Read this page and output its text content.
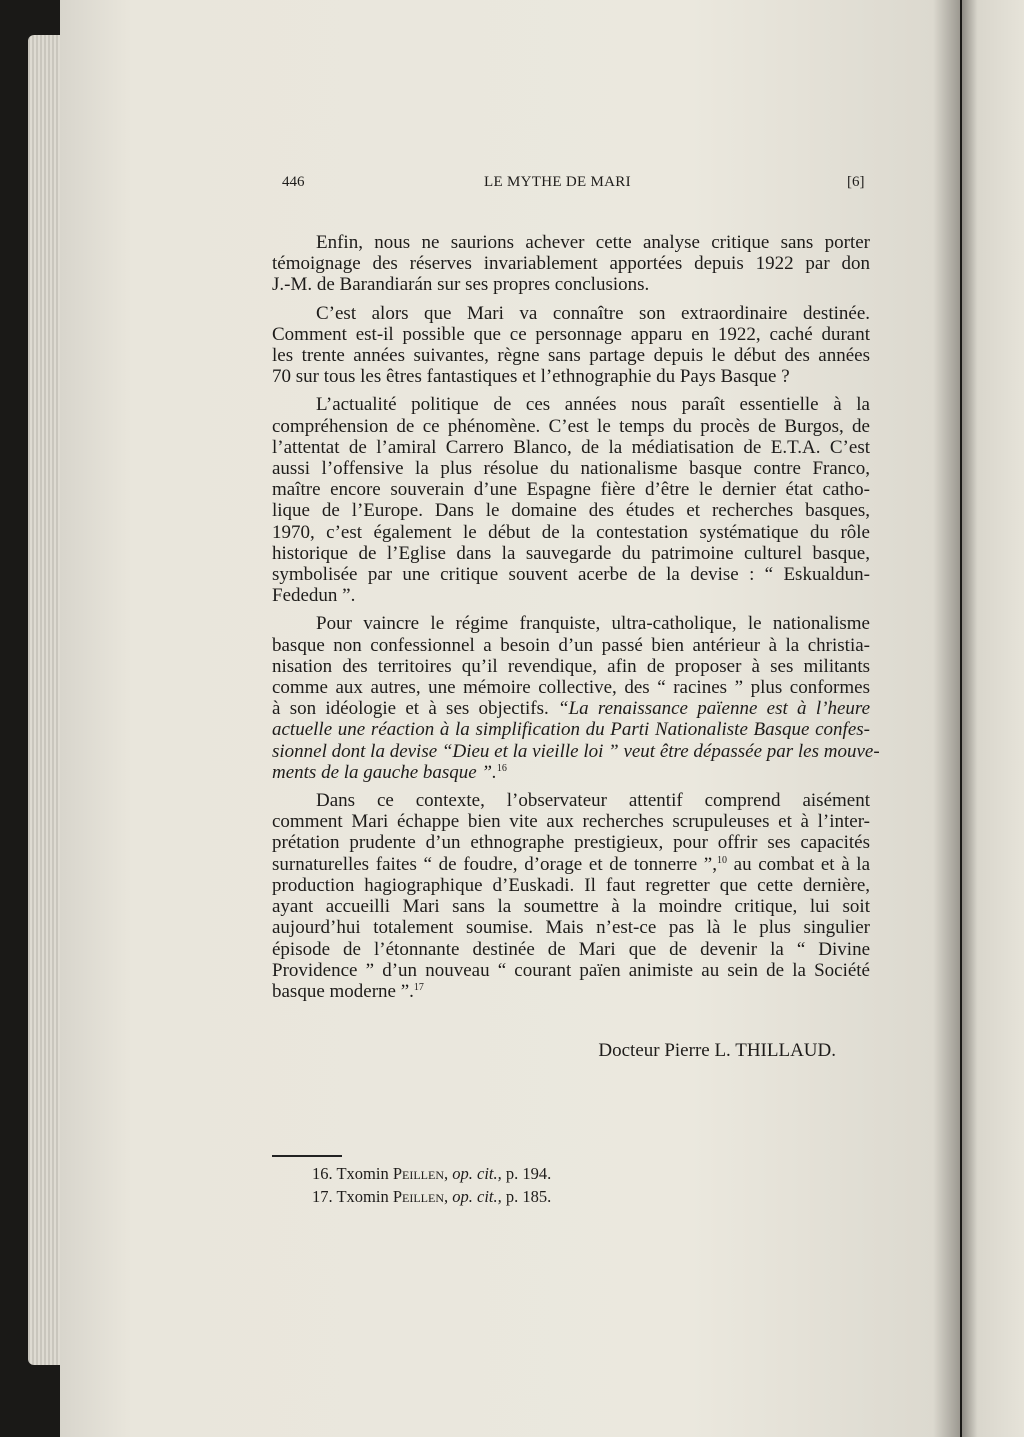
446	LE MYTHE DE MARI	[6]
Enfin, nous ne saurions achever cette analyse critique sans porter
témoignage des réserves invariablement apportées depuis 1922 par don
J.-M. de Barandiarán sur ses propres conclusions.
C’est alors que Mari va connaître son extraordinaire destinée.
Comment est-il possible que ce personnage apparu en 1922, caché durant
les trente années suivantes, règne sans partage depuis le début des années
70 sur tous les êtres fantastiques et l’ethnographie du Pays Basque ?
L’actualité politique de ces années nous paraît essentielle à la
compréhension de ce phénomène. C’est le temps du procès de Burgos, de
l’attentat de l’amiral Carrero Blanco, de la médiatisation de E.T.A. C’est
aussi l’offensive la plus résolue du nationalisme basque contre Franco,
maître encore souverain d’une Espagne fière d’être le dernier état catho-
lique de l’Europe. Dans le domaine des études et recherches basques,
1970, c’est également le début de la contestation systématique du rôle
historique de l’Eglise dans la sauvegarde du patrimoine culturel basque,
symbolisée par une critique souvent acerbe de la devise : “ Eskualdun-
Fededun ”.
Pour vaincre le régime franquiste, ultra-catholique, le nationalisme
basque non confessionnel a besoin d’un passé bien antérieur à la christia-
nisation des territoires qu’il revendique, afin de proposer à ses militants
comme aux autres, une mémoire collective, des “ racines ” plus conformes
à son idéologie et à ses objectifs. “La renaissance païenne est à l’heure
actuelle une réaction à la simplification du Parti Nationaliste Basque confes-
sionnel dont la devise “Dieu et la vieille loi ” veut être dépassée par les mouve-
ments de la gauche basque ”.$^{16}$
Dans ce contexte, l’observateur attentif comprend aisément
comment Mari échappe bien vite aux recherches scrupuleuses et à l’inter-
prétation prudente d’un ethnographe prestigieux, pour offrir ses capacités
surnaturelles faites “ de foudre, d’orage et de tonnerre ”,$^{10}$ au combat et à la
production hagiographique d’Euskadi. Il faut regretter que cette dernière,
ayant accueilli Mari sans la soumettre à la moindre critique, lui soit
aujourd’hui totalement soumise. Mais n’est-ce pas là le plus singulier
épisode de l’étonnante destinée de Mari que de devenir la “ Divine
Providence ” d’un nouveau “ courant païen animiste au sein de la Société
basque moderne ”.$^{17}$
Docteur Pierre L. THILLAUD.
16. Txomin Peillen, op. cit., p. 194.
17. Txomin Peillen, op. cit., p. 185.
